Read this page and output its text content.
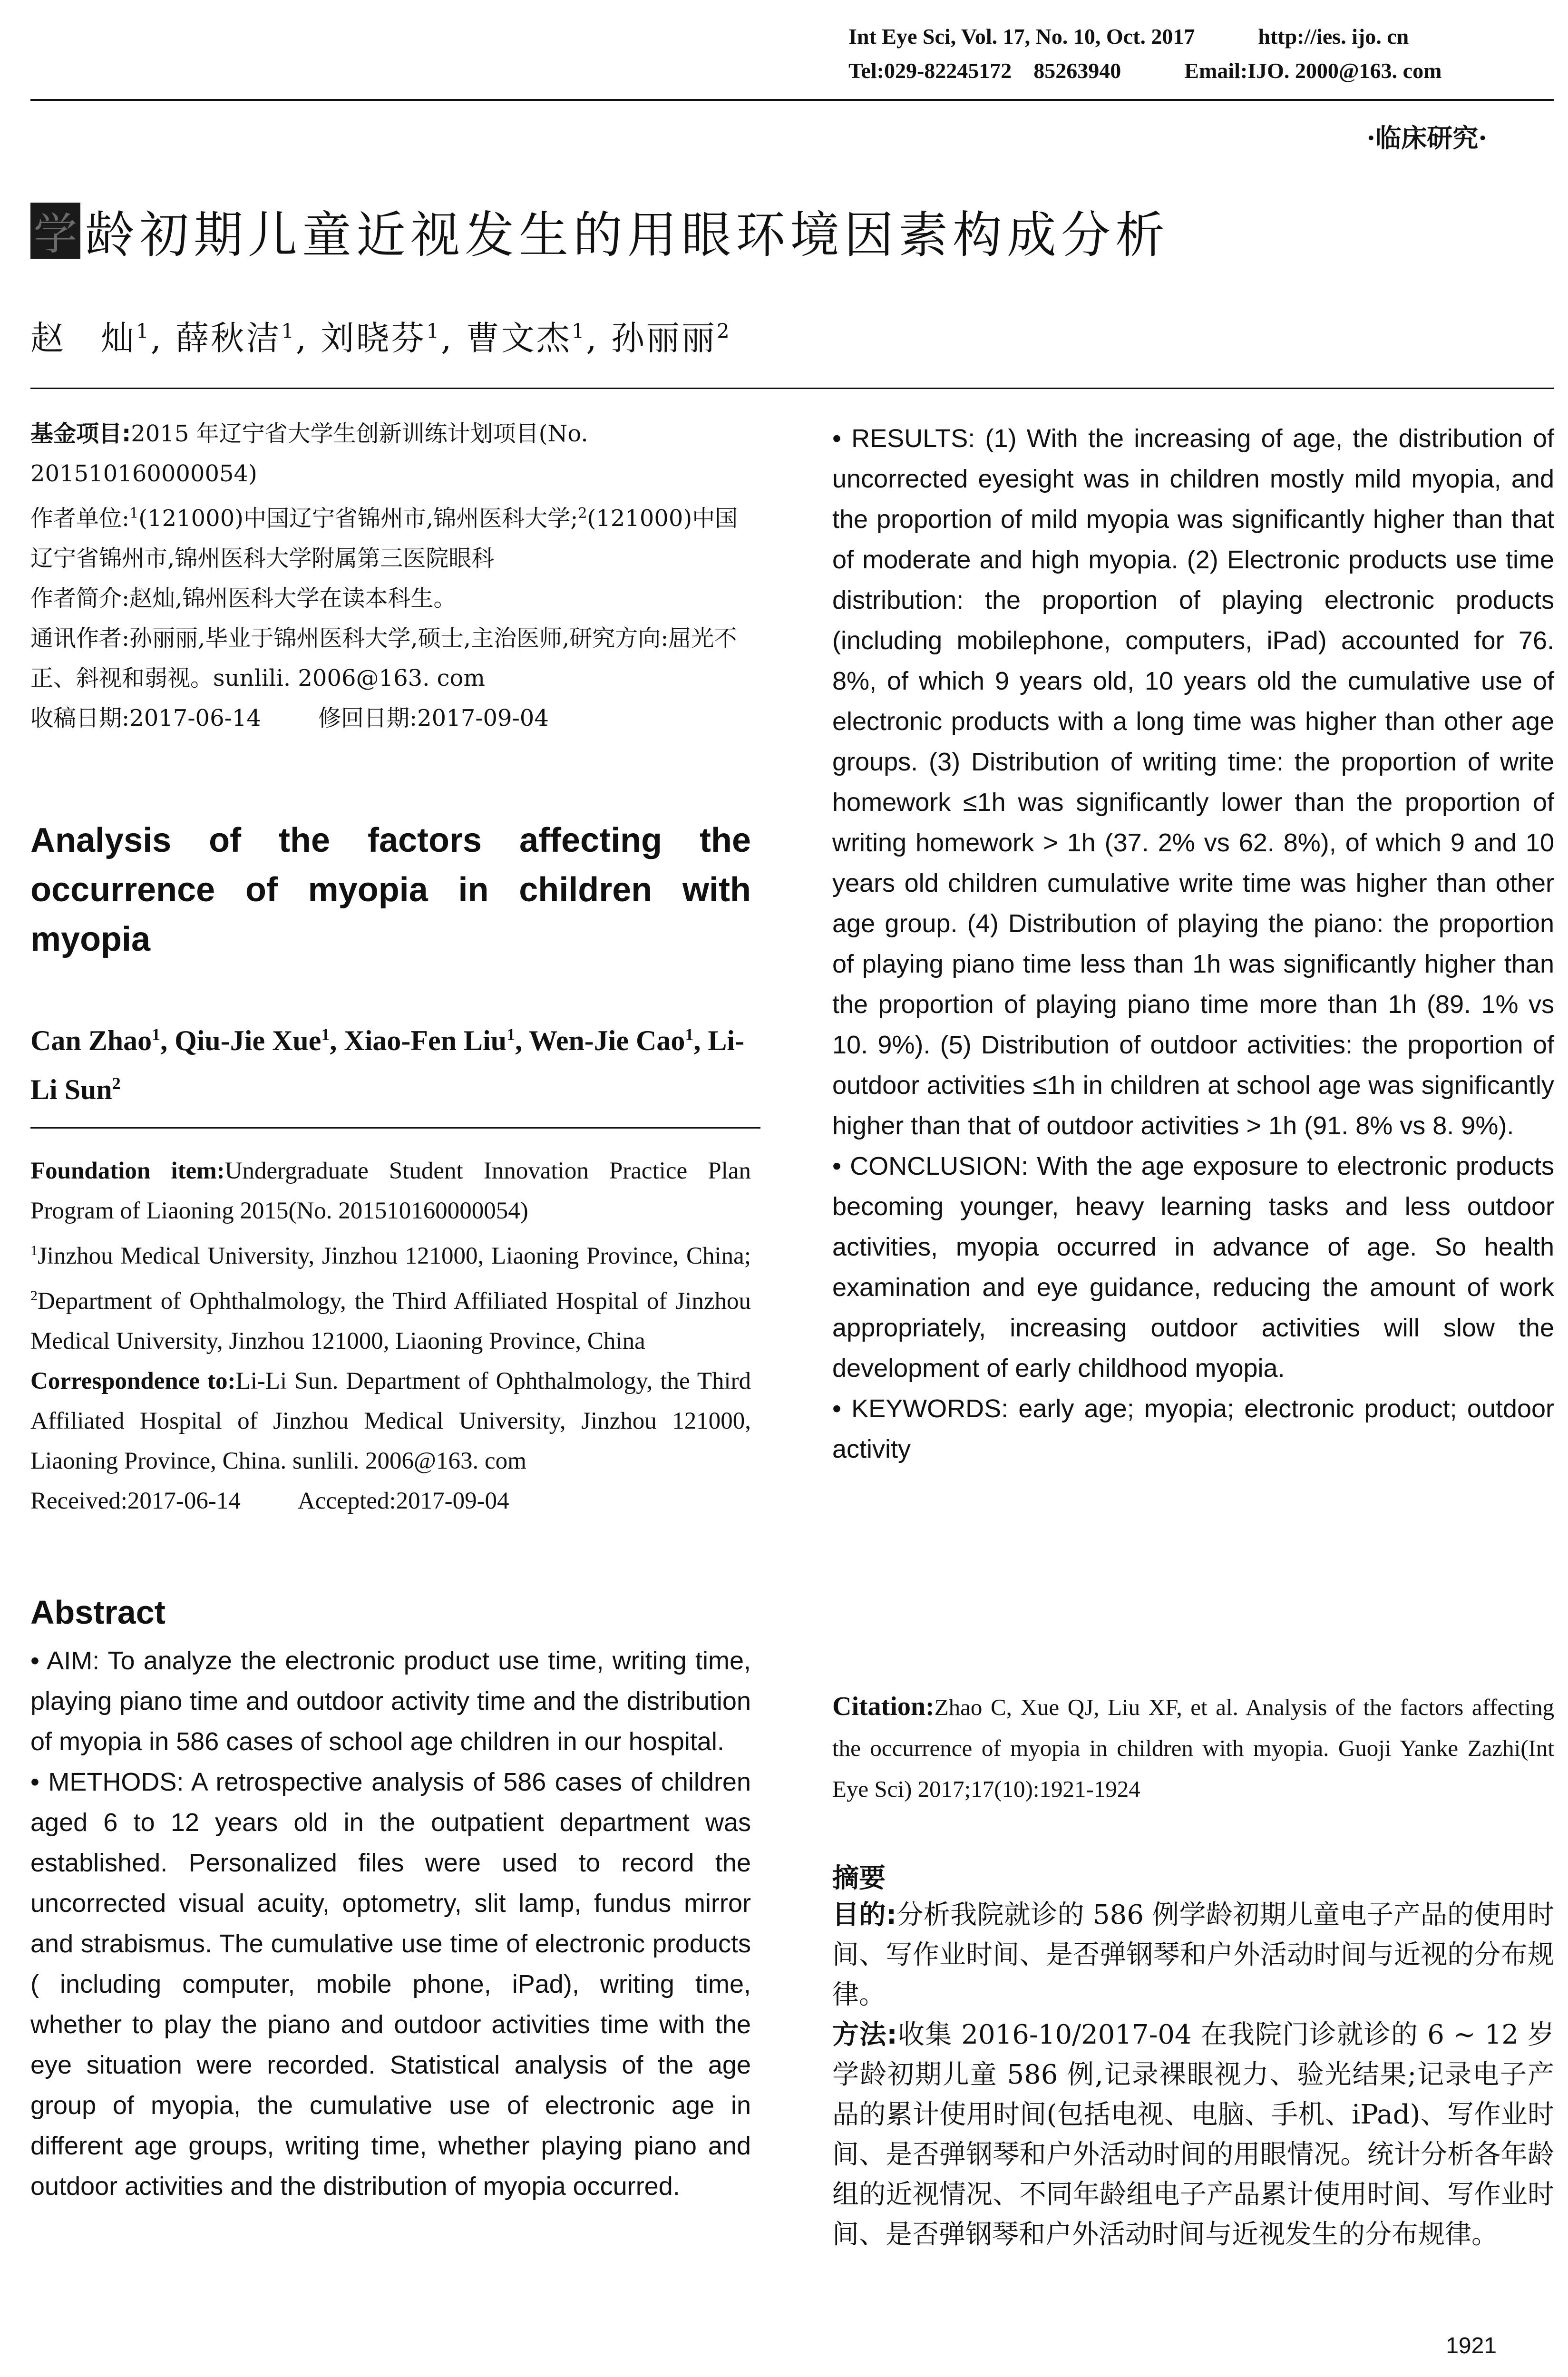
Int Eye Sci, Vol. 17, No. 10, Oct. 2017	http://ies. ijo. cn
Tel:029-82245172    85263940	Email:IJO. 2000@163. com
·临床研究·
学 龄初期儿童近视发生的用眼环境因素构成分析
赵　灿$^1$, 薛秋洁$^1$, 刘晓芬$^1$, 曹文杰$^1$, 孙丽丽$^2$

基金项目:2015 年辽宁省大学生创新训练计划项目(No. 201510160000054)

作者单位:$^1$(121000)中国辽宁省锦州市,锦州医科大学;$^2$(121000)中国辽宁省锦州市,锦州医科大学附属第三医院眼科

作者简介:赵灿,锦州医科大学在读本科生。

通讯作者:孙丽丽,毕业于锦州医科大学,硕士,主治医师,研究方向:屈光不正、斜视和弱视。sunlili. 2006@163. com

收稿日期:2017-06-14	修回日期:2017-09-04

Analysis of the factors affecting the occurrence of myopia in children with myopia
Can Zhao$^1$, Qiu-Jie Xue$^1$, Xiao-Fen Liu$^1$, Wen-Jie Cao$^1$, Li-Li Sun$^2$

Foundation item:Undergraduate Student Innovation Practice Plan Program of Liaoning 2015(No. 201510160000054)

$^1$Jinzhou Medical University, Jinzhou 121000, Liaoning Province, China; $^2$Department of Ophthalmology, the Third Affiliated Hospital of Jinzhou Medical University, Jinzhou 121000, Liaoning Province, China

Correspondence to:Li-Li Sun. Department of Ophthalmology, the Third Affiliated Hospital of Jinzhou Medical University, Jinzhou 121000, Liaoning Province, China. sunlili. 2006@163. com

Received:2017-06-14 Accepted:2017-09-04

Abstract

• AIM: To analyze the electronic product use time, writing time, playing piano time and outdoor activity time and the distribution of myopia in 586 cases of school age children in our hospital.

• METHODS: A retrospective analysis of 586 cases of children aged 6 to 12 years old in the outpatient department was established. Personalized files were used to record the uncorrected visual acuity, optometry, slit lamp, fundus mirror and strabismus. The cumulative use time of electronic products ( including computer, mobile phone, iPad), writing time, whether to play the piano and outdoor activities time with the eye situation were recorded. Statistical analysis of the age group of myopia, the cumulative use of electronic age in different age groups, writing time, whether playing piano and outdoor activities and the distribution of myopia occurred.

• RESULTS: (1) With the increasing of age, the distribution of uncorrected eyesight was in children mostly mild myopia, and the proportion of mild myopia was significantly higher than that of moderate and high myopia. (2) Electronic products use time distribution: the proportion of playing electronic products (including mobilephone, computers, iPad) accounted for 76. 8%, of which 9 years old, 10 years old the cumulative use of electronic products with a long time was higher than other age groups. (3) Distribution of writing time: the proportion of write homework ≤1h was significantly lower than the proportion of writing homework > 1h (37. 2% vs 62. 8%), of which 9 and 10 years old children cumulative write time was higher than other age group. (4) Distribution of playing the piano: the proportion of playing piano time less than 1h was significantly higher than the proportion of playing piano time more than 1h (89. 1% vs 10. 9%). (5) Distribution of outdoor activities: the proportion of outdoor activities ≤1h in children at school age was significantly higher than that of outdoor activities > 1h (91. 8% vs 8. 9%).

• CONCLUSION: With the age exposure to electronic products becoming younger, heavy learning tasks and less outdoor activities, myopia occurred in advance of age. So health examination and eye guidance, reducing the amount of work appropriately, increasing outdoor activities will slow the development of early childhood myopia.

• KEYWORDS: early age; myopia; electronic product; outdoor activity

Citation:Zhao C, Xue QJ, Liu XF, et al. Analysis of the factors affecting the occurrence of myopia in children with myopia. Guoji Yanke Zazhi(Int Eye Sci) 2017;17(10):1921-1924
摘要

目的:分析我院就诊的 586 例学龄初期儿童电子产品的使用时间、写作业时间、是否弹钢琴和户外活动时间与近视的分布规律。

方法:收集 2016-10/2017-04 在我院门诊就诊的 6 ~ 12 岁学龄初期儿童 586 例,记录裸眼视力、验光结果;记录电子产品的累计使用时间(包括电视、电脑、手机、iPad)、写作业时间、是否弹钢琴和户外活动时间的用眼情况。统计分析各年龄组的近视情况、不同年龄组电子产品累计使用时间、写作业时间、是否弹钢琴和户外活动时间与近视发生的分布规律。

1921
